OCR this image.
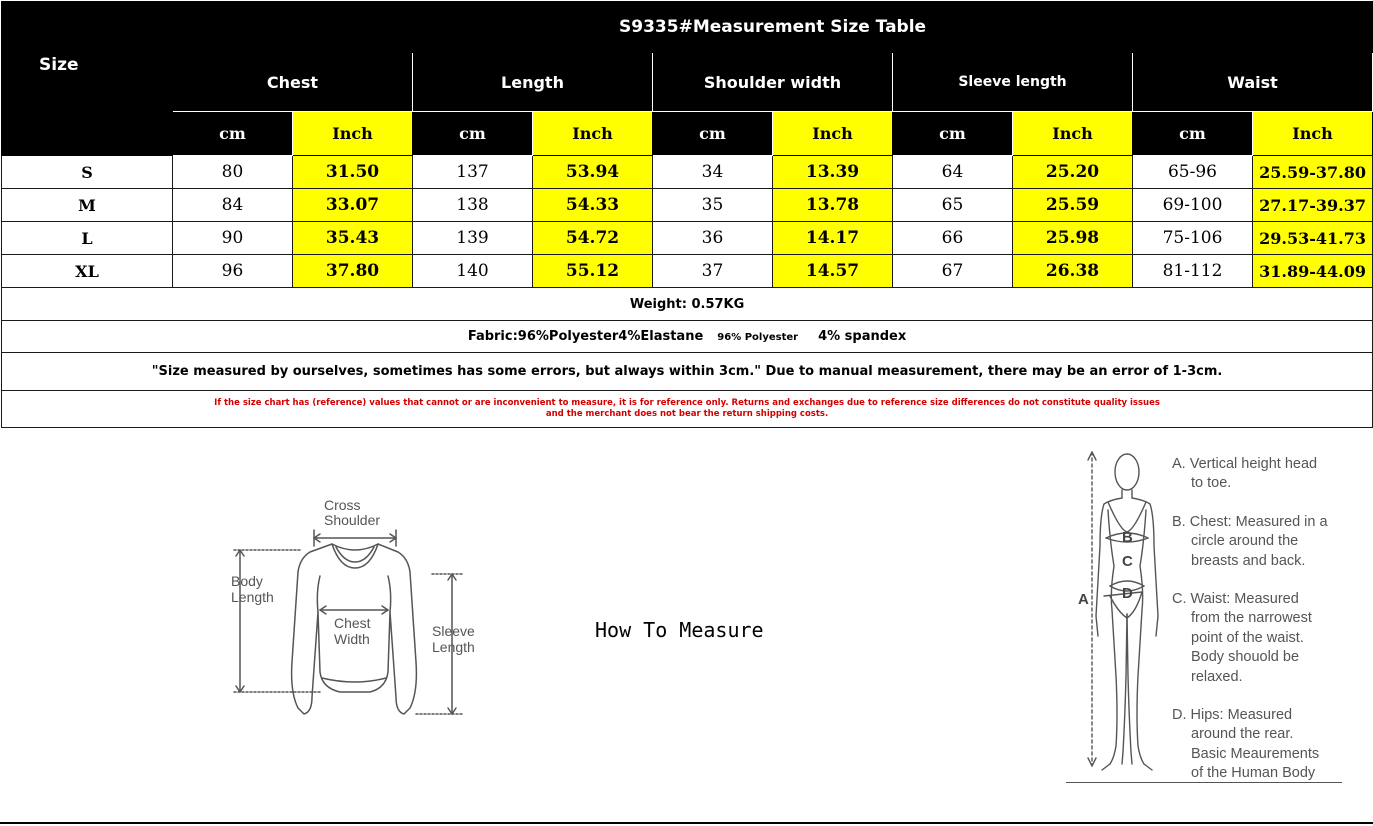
Size	S9335#Measurement Size Table									
	Chest		Length		Shoulder width		Sleeve length		Waist	
	cm	Inch	cm	Inch	cm	Inch	cm	Inch	cm	Inch
S	80	31.50	137	53.94	34	13.39	64	25.20	65-96	25.59-37.80
M	84	33.07	138	54.33	35	13.78	65	25.59	69-100	27.17-39.37
L	90	35.43	139	54.72	36	14.17	66	25.98	75-106	29.53-41.73
XL	96	37.80	140	55.12	37	14.57	67	26.38	81-112	31.89-44.09
Weight: 0.57KG										
Fabric:96%Polyester4%Elastane 96% Polyester 4% spandex										
"Size measured by ourselves, sometimes has some errors, but always within 3cm." Due to manual measurement, there may be an error of 1-3cm.										

If the size chart has (reference) values that cannot or are inconvenient to measure, it is for reference only. Returns and exchanges due to reference size differences do not constitute quality issues
and the merchant does not bear the return shipping costs.										
Cross
Shoulder
Body
Length
Chest
Width	Sleeve
Length
How To Measure
B
C
D
A
A. Vertical height head
to toe.
B. Chest: Measured in a
circle around the
breasts and back.
C. Waist: Measured
from the narrowest
point of the waist.
Body shouold be
relaxed.
D. Hips: Measured
around the rear.
Basic Meaurements
of the Human Body
